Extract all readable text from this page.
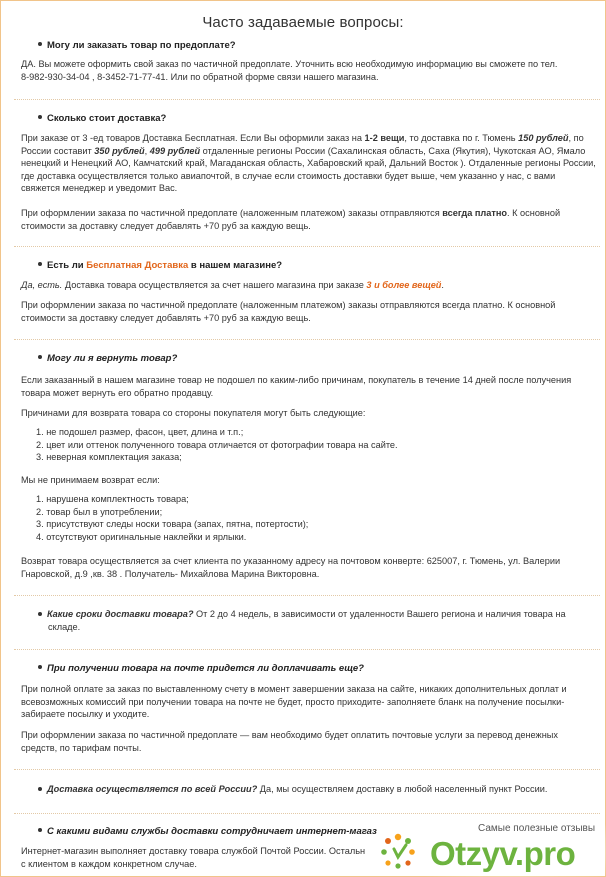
Часто задаваемые вопросы:
Могу ли заказать товар по предоплате?
ДА. Вы можете оформить свой заказ по частичной предоплате. Уточнить всю необходимую информацию вы сможете по тел.
8-982-930-34-04 , 8-3452-71-77-41. Или по обратной форме связи нашего магазина.
Сколько стоит доставка?
При заказе от 3 -ед товаров Доставка Беcплатная. Если Вы оформили заказ на 1-2 вещи, то доставка по г. Тюмень 150 рублей, по
России составит 350 рублей, 499 рублей отдаленные регионы России (Сахалинская область, Саха (Якутия), Чукотская АО, Ямало
ненецкий и Ненецкий АО, Камчатский край, Магаданская область, Хабаровский край, Дальний Восток ). Отдаленные регионы России,
где доставка осуществляется только авиапочтой, в случае если стоимость доставки будет выше, чем указанно у нас, с вами
свяжется менеджер и уведомит Вас.
При оформлении заказа по частичной предоплате (наложенным платежом) заказы отправляются всегда платно. К основной
стоимости за доставку следует добавлять +70 руб за каждую вещь.
Есть ли Беcплатная Доставка в нашем магазине?
Да, есть. Доставка товара осуществляется за счет нашего магазина при заказе 3 и более вещей.
При оформлении заказа по частичной предоплате (наложенным платежом) заказы отправляются всегда платно. К основной
стоимости за доставку следует добавлять +70 руб за каждую вещь.
Могу ли я вернуть товар?
Если заказанный в нашем магазине товар не подошел по каким-либо причинам, покупатель в течение 14 дней после получения
товара может вернуть его обратно продавцу.
Причинами для возврата товара со стороны покупателя могут быть следующие:
1. не подошел размер, фасон, цвет, длина и т.п.;
2. цвет или оттенок полученного товара отличается от фотографии товара на сайте.
3. неверная комплектация заказа;
Мы не принимаем возврат если:
1. нарушена комплектность товара;
2. товар был в употреблении;
3. присутствуют следы носки товара (запах, пятна, потертости);
4. отсутствуют оригинальные наклейки и ярлыки.
Возврат товара осуществляется за счет клиента по указанному адресу на почтовом конверте: 625007, г. Тюмень, ул. Валерии
Гнаровской, д.9 ,кв. 38 . Получатель- Михайлова Марина Викторовна.
Какие сроки доставки товара? От 2 до 4 недель, в зависимости от удаленности Вашего региона и наличия товара на
складе.
При получении товара на почте придется ли доплачивать еще?
При полной оплате за заказ по выставленному счету в момент завершении заказа на сайте, никаких дополнительных доплат и
всевозможных комиссий при получении товара на почте не будет, просто приходите- заполняете бланк на получение посылки-
забираете посылку и уходите.
При оформлении заказа по частичной предоплате — вам необходимо будет оплатить почтовые услуги за перевод денежных
средств, по тарифам почты.
Доставка осуществляется по всей России? Да, мы осуществляем доставку в любой населенный пункт России.
С какими видами службы доставки сотрудничает интернет-магаз
Интернет-магазин выполняет доставку товара службой Почтой России. Остальн
с клиентом в каждом конкретном случае.
Самые полезные отзывы
Otzyv.pro
